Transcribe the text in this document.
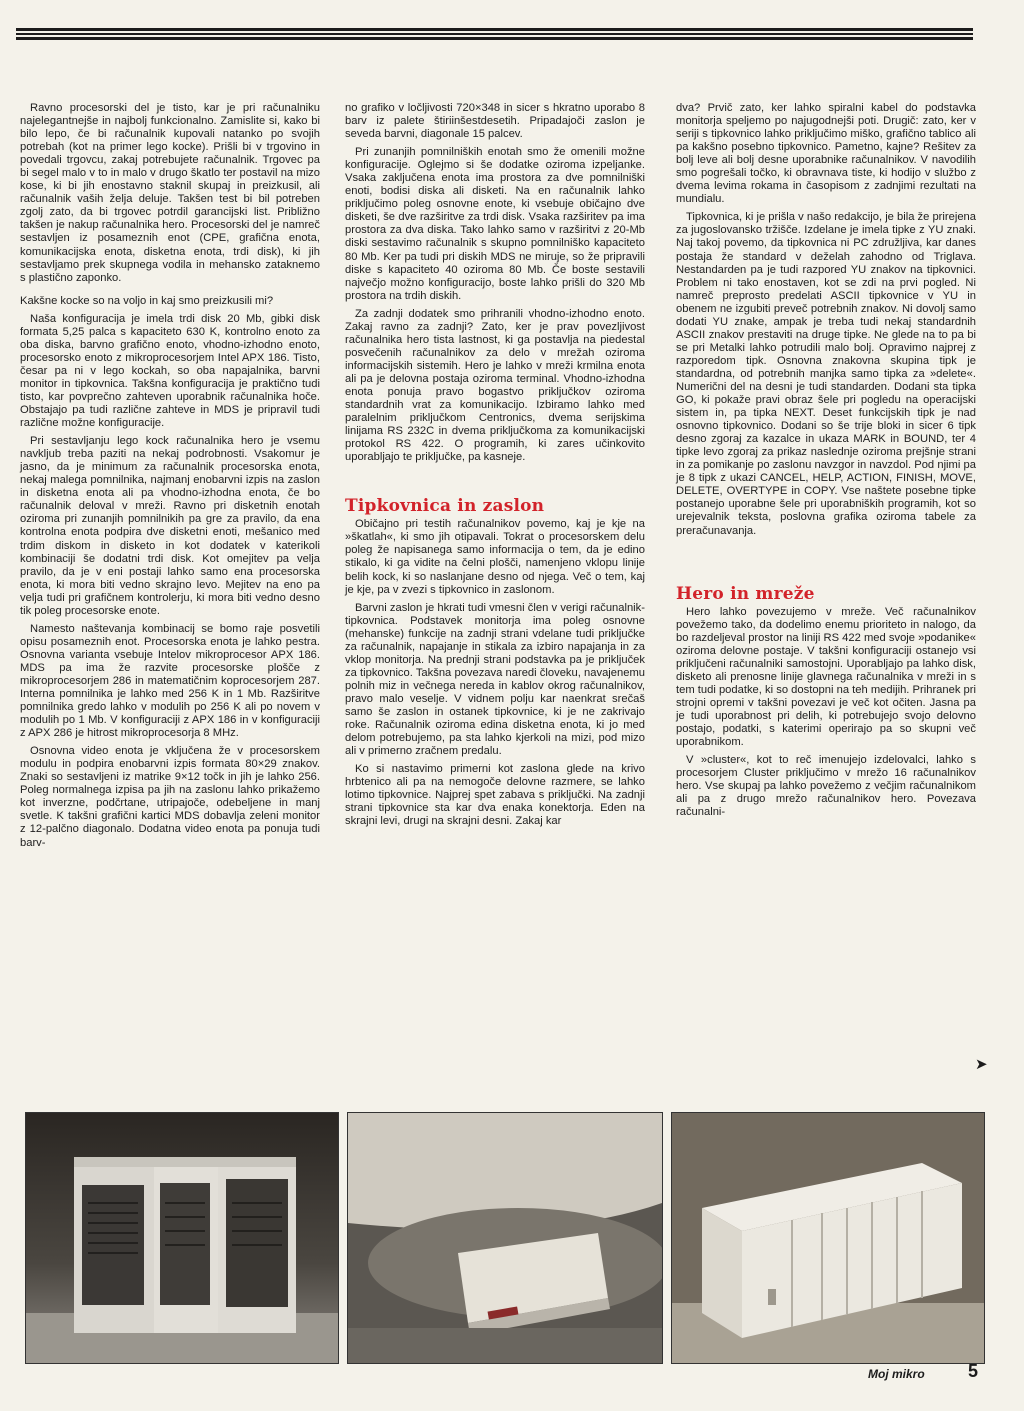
Ravno procesorski del je tisto, kar je pri računalniku najelegantnejše in najbolj funkcionalno. Zamislite si, kako bi bilo lepo, če bi računalnik kupovali natanko po svojih potrebah (kot na primer lego kocke). Prišli bi v trgovino in povedali trgovcu, zakaj potrebujete računalnik. Trgovec pa bi segel malo v to in malo v drugo škatlo ter postavil na mizo kose, ki bi jih enostavno staknil skupaj in preizkusil, ali računalnik vaših želja deluje. Takšen test bi bil potreben zgolj zato, da bi trgovec potrdil garancijski list. Približno takšen je nakup računalnika hero. Procesorski del je namreč sestavljen iz posameznih enot (CPE, grafična enota, komunikacijska enota, disketna enota, trdi disk), ki jih sestavljamo prek skupnega vodila in mehansko zataknemo s plastično zaponko.

Kakšne kocke so na voljo in kaj smo preizkusili mi?

Naša konfiguracija je imela trdi disk 20 Mb, gibki disk formata 5,25 palca s kapaciteto 630 K, kontrolno enoto za oba diska, barvno grafično enoto, vhodno-izhodno enoto, procesorsko enoto z mikroprocesorjem Intel APX 186. Tisto, česar pa ni v lego kockah, so oba napajalnika, barvni monitor in tipkovnica. Takšna konfiguracija je praktično tudi tisto, kar povprečno zahteven uporabnik računalnika hoče. Obstajajo pa tudi različne zahteve in MDS je pripravil tudi različne možne konfiguracije.

Pri sestavljanju lego kock računalnika hero je vsemu navkljub treba paziti na nekaj podrobnosti. Vsakomur je jasno, da je minimum za računalnik procesorska enota, nekaj malega pomnilnika, najmanj enobarvni izpis na zaslon in disketna enota ali pa vhodno-izhodna enota, če bo računalnik deloval v mreži. Ravno pri disketnih enotah oziroma pri zunanjih pomnilnikih pa gre za pravilo, da ena kontrolna enota podpira dve disketni enoti, mešanico med trdim diskom in disketo in kot dodatek v katerikoli kombinaciji še dodatni trdi disk. Kot omejitev pa velja pravilo, da je v eni postaji lahko samo ena procesorska enota, ki mora biti vedno skrajno levo. Mejitev na eno pa velja tudi pri grafičnem kontrolerju, ki mora biti vedno desno tik poleg procesorske enote.

Namesto naštevanja kombinacij se bomo raje posvetili opisu posameznih enot. Procesorska enota je lahko pestra. Osnovna varianta vsebuje Intelov mikroprocesor APX 186. MDS pa ima že razvite procesorske plošče z mikroprocesorjem 286 in matematičnim koprocesorjem 287. Interna pomnilnika je lahko med 256 K in 1 Mb. Razširitve pomnilnika gredo lahko v modulih po 256 K ali po novem v modulih po 1 Mb. V konfiguraciji z APX 186 in v konfiguraciji z APX 286 je hitrost mikroprocesorja 8 MHz.

Osnovna video enota je vključena že v procesorskem modulu in podpira enobarvni izpis formata 80×29 znakov. Znaki so sestavljeni iz matrike 9×12 točk in jih je lahko 256. Poleg normalnega izpisa pa jih na zaslonu lahko prikažemo kot inverzne, podčrtane, utripajoče, odebeljene in manj svetle. K takšni grafični kartici MDS dobavlja zeleni monitor z 12-palčno diagonalo. Dodatna video enota pa ponuja tudi barv-

no grafiko v ločljivosti 720×348 in sicer s hkratno uporabo 8 barv iz palete štiriinšestdesetih. Pripadajoči zaslon je seveda barvni, diagonale 15 palcev.

Pri zunanjih pomnilniških enotah smo že omenili možne konfiguracije. Oglejmo si še dodatke oziroma izpeljanke. Vsaka zaključena enota ima prostora za dve pomnilniški enoti, bodisi diska ali disketi. Na en računalnik lahko priključimo poleg osnovne enote, ki vsebuje običajno dve disketi, še dve razširitve za trdi disk. Vsaka razširitev pa ima prostora za dva diska. Tako lahko samo v razširitvi z 20-Mb diski sestavimo računalnik s skupno pomnilniško kapaciteto 80 Mb. Ker pa tudi pri diskih MDS ne miruje, so že pripravili diske s kapaciteto 40 oziroma 80 Mb. Če boste sestavili največjo možno konfiguracijo, boste lahko prišli do 320 Mb prostora na trdih diskih.

Za zadnji dodatek smo prihranili vhodno-izhodno enoto. Zakaj ravno za zadnji? Zato, ker je prav povezljivost računalnika hero tista lastnost, ki ga postavlja na piedestal posvečenih računalnikov za delo v mrežah oziroma informacijskih sistemih. Hero je lahko v mreži krmilna enota ali pa je delovna postaja oziroma terminal. Vhodno-izhodna enota ponuja pravo bogastvo priključkov oziroma standardnih vrat za komunikacijo. Izbiramo lahko med paralelnim priključkom Centronics, dvema serijskima linijama RS 232C in dvema priključkoma za komunikacijski protokol RS 422. O programih, ki zares učinkovito uporabljajo te priključke, pa kasneje.

Tipkovnica in zaslon

Običajno pri testih računalnikov povemo, kaj je kje na »škatlah«, ki smo jih otipavali. Tokrat o procesorskem delu poleg že napisanega samo informacija o tem, da je edino stikalo, ki ga vidite na čelni plošči, namenjeno vklopu linije belih kock, ki so naslanjane desno od njega. Več o tem, kaj je kje, pa v zvezi s tipkovnico in zaslonom.

Barvni zaslon je hkrati tudi vmesni člen v verigi računalnik-tipkovnica. Podstavek monitorja ima poleg osnovne (mehanske) funkcije na zadnji strani vdelane tudi priključke za računalnik, napajanje in stikala za izbiro napajanja in za vklop monitorja. Na prednji strani podstavka pa je priključek za tipkovnico. Takšna povezava naredi človeku, navajenemu polnih miz in večnega nereda in kablov okrog računalnikov, pravo malo veselje. V vidnem polju kar naenkrat srečaš samo še zaslon in ostanek tipkovnice, ki je ne zakrivajo roke. Računalnik oziroma edina disketna enota, ki jo med delom potrebujemo, pa sta lahko kjerkoli na mizi, pod mizo ali v primerno zračnem predalu.

Ko si nastavimo primerni kot zaslona glede na krivo hrbtenico ali pa na nemogoče delovne razmere, se lahko lotimo tipkovnice. Najprej spet zabava s priključki. Na zadnji strani tipkovnice sta kar dva enaka konektorja. Eden na skrajni levi, drugi na skrajni desni. Zakaj kar

dva? Prvič zato, ker lahko spiralni kabel do podstavka monitorja speljemo po najugodnejši poti. Drugič: zato, ker v seriji s tipkovnico lahko priključimo miško, grafično tablico ali pa kakšno posebno tipkovnico. Pametno, kajne? Rešitev za bolj leve ali bolj desne uporabnike računalnikov. V navodilih smo pogrešali točko, ki obravnava tiste, ki hodijo v službo z dvema levima rokama in časopisom z zadnjimi rezultati na mundialu.

Tipkovnica, ki je prišla v našo redakcijo, je bila že prirejena za jugoslovansko tržišče. Izdelane je imela tipke z YU znaki. Naj takoj povemo, da tipkovnica ni PC združljiva, kar danes postaja že standard v deželah zahodno od Triglava. Nestandarden pa je tudi razpored YU znakov na tipkovnici. Problem ni tako enostaven, kot se zdi na prvi pogled. Ni namreč preprosto predelati ASCII tipkovnice v YU in obenem ne izgubiti preveč potrebnih znakov. Ni dovolj samo dodati YU znake, ampak je treba tudi nekaj standardnih ASCII znakov prestaviti na druge tipke. Ne glede na to pa bi se pri Metalki lahko potrudili malo bolj. Opravimo najprej z razporedom tipk. Osnovna znakovna skupina tipk je standardna, od potrebnih manjka samo tipka za »delete«. Numerični del na desni je tudi standarden. Dodani sta tipka GO, ki pokaže pravi obraz šele pri pogledu na operacijski sistem in, pa tipka NEXT. Deset funkcijskih tipk je nad osnovno tipkovnico. Dodani so še trije bloki in sicer 6 tipk desno zgoraj za kazalce in ukaza MARK in BOUND, ter 4 tipke levo zgoraj za prikaz naslednje oziroma prejšnje strani in za pomikanje po zaslonu navzgor in navzdol. Pod njimi pa je 8 tipk z ukazi CANCEL, HELP, ACTION, FINISH, MOVE, DELETE, OVERTYPE in COPY. Vse naštete posebne tipke postanejo uporabne šele pri uporabniških programih, kot so urejevalnik teksta, poslovna grafika oziroma tabele za preračunavanja.

Hero in mreže

Hero lahko povezujemo v mreže. Več računalnikov povežemo tako, da dodelimo enemu prioriteto in nalogo, da bo razdeljeval prostor na liniji RS 422 med svoje »podanike« oziroma delovne postaje. V takšni konfiguraciji ostanejo vsi priključeni računalniki samostojni. Uporabljajo pa lahko disk, disketo ali prenosne linije glavnega računalnika v mreži in s tem tudi podatke, ki so dostopni na teh medijih. Prihranek pri strojni opremi v takšni povezavi je več kot očiten. Jasna pa je tudi uporabnost pri delih, ki potrebujejo svojo delovno postajo, podatki, s katerimi operirajo pa so skupni več uporabnikom.

V »cluster«, kot to reč imenujejo izdelovalci, lahko s procesorjem Cluster priključimo v mrežo 16 računalnikov hero. Vse skupaj pa lahko povežemo z večjim računalnikom ali pa z drugo mrežo računalnikov hero. Povezava računalni-

➤
Moj mikro 5
